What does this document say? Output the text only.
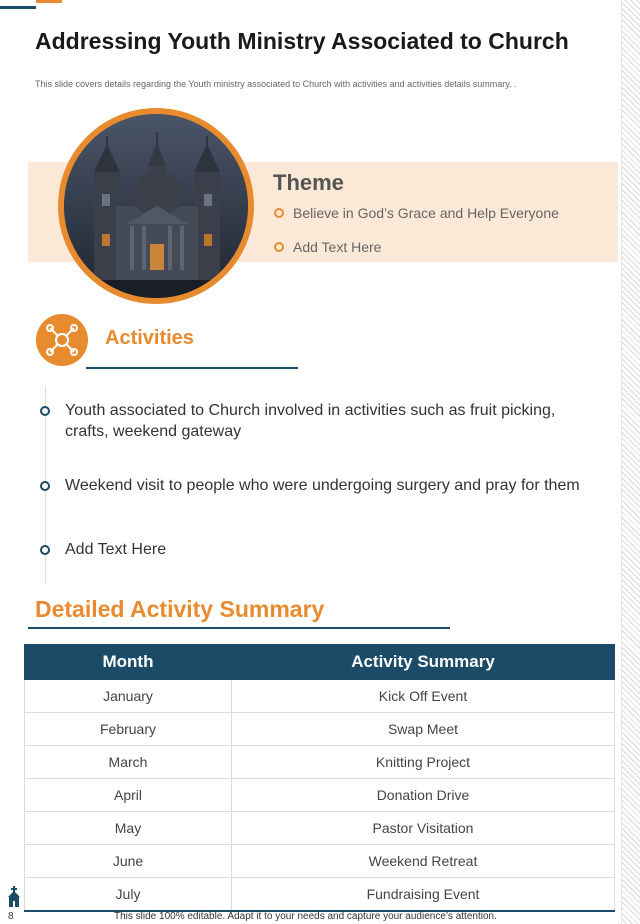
Addressing Youth Ministry Associated to Church
This slide covers details regarding the Youth ministry associated to Church with activities and activities details summary. .
Theme
Believe in God’s Grace and Help Everyone
Add Text Here
Activities
Youth associated to Church involved in activities such as fruit picking, crafts, weekend gateway
Weekend visit to people who were undergoing surgery and pray for them
Add Text Here
Detailed Activity Summary
Month	Activity Summary
January	Kick Off Event
February	Swap Meet
March	Knitting Project
April	Donation Drive
May	Pastor Visitation
June	Weekend Retreat
July	Fundraising Event
8	This slide 100% editable. Adapt it to your needs and capture your audience’s attention.
